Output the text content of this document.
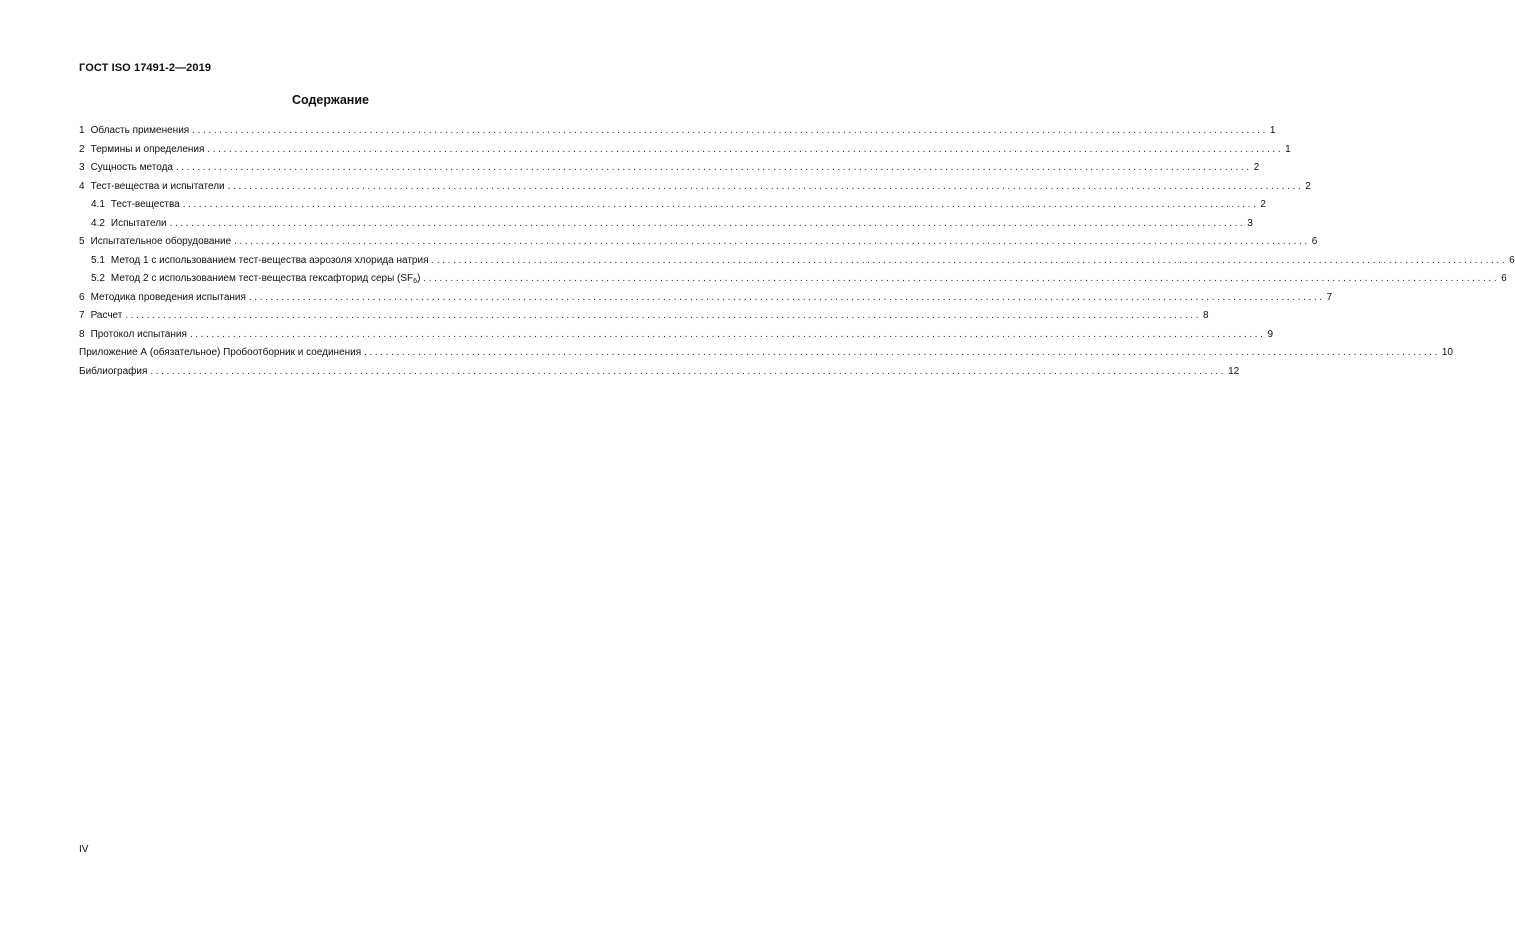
ГОСТ ISO 17491-2—2019
Содержание
1 Область применения ........................................................................................................................................................................................................ 1
2 Термины и определения ........................................................................................................................................................................................................ 1
3 Сущность метода ........................................................................................................................................................................................................ 2
4 Тест-вещества и испытатели ........................................................................................................................................................................................................ 2
4.1 Тест-вещества ........................................................................................................................................................................................................ 2
4.2 Испытатели ........................................................................................................................................................................................................ 3
5 Испытательное оборудование ........................................................................................................................................................................................................ 6
5.1 Метод 1 с использованием тест-вещества аэрозоля хлорида натрия ........................................................................................................................................................................................................ 6
5.2 Метод 2 с использованием тест-вещества гексафторид серы $(SF_6)$ ........................................................................................................................................................................................................ 6
6 Методика проведения испытания ........................................................................................................................................................................................................ 7
7 Расчет ........................................................................................................................................................................................................ 8
8 Протокол испытания ........................................................................................................................................................................................................ 9
Приложение А (обязательное) Пробоотборник и соединения ........................................................................................................................................................................................................ 10
Библиография ........................................................................................................................................................................................................ 12
IV
